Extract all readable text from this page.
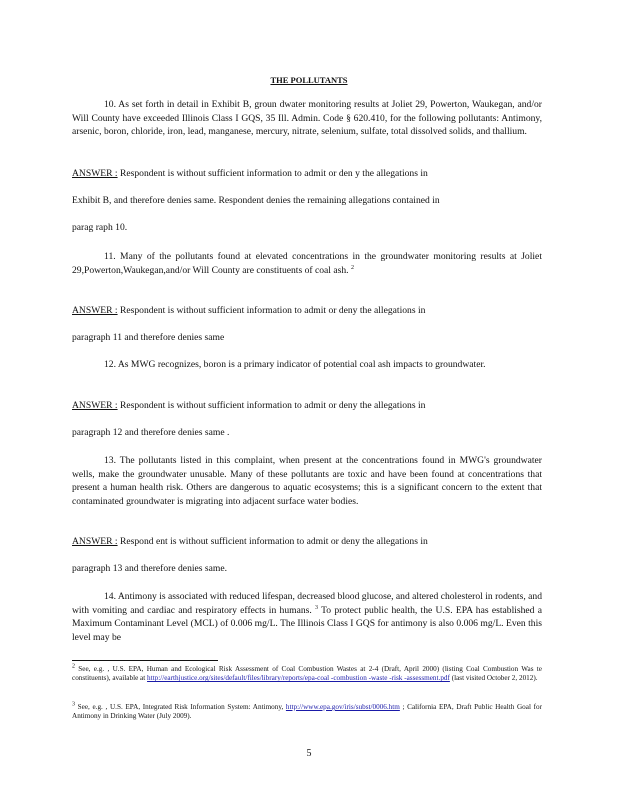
THE POLLUTANTS

10. As set forth in detail in Exhibit B, groun dwater monitoring results at Joliet 29, Powerton, Waukegan, and/or Will County have exceeded Illinois Class I GQS, 35 Ill. Admin. Code § 620.410, for the following pollutants: Antimony, arsenic, boron, chloride, iron, lead, manganese, mercury, nitrate, selenium, sulfate, total dissolved solids, and thallium.

ANSWER : Respondent is without sufficient information to admit or den y the allegations in

Exhibit B, and therefore denies same. Respondent denies the remaining allegations contained in

parag raph 10.

11. Many of the pollutants found at elevated concentrations in the groundwater monitoring results at Joliet 29,Powerton,Waukegan,and/or Will County are constituents of coal ash. $^2$

ANSWER : Respondent is without sufficient information to admit or deny the allegations in

paragraph 11 and therefore denies same

12. As MWG recognizes, boron is a primary indicator of potential coal ash impacts to groundwater.

ANSWER : Respondent is without sufficient information to admit or deny the allegations in

paragraph 12 and therefore denies same .

13. The pollutants listed in this complaint, when present at the concentrations found in MWG's groundwater wells, make the groundwater unusable. Many of these pollutants are toxic and have been found at concentrations that present a human health risk. Others are dangerous to aquatic ecosystems; this is a significant concern to the extent that contaminated groundwater is migrating into adjacent surface water bodies.

ANSWER : Respond ent is without sufficient information to admit or deny the allegations in

paragraph 13 and therefore denies same.

14. Antimony is associated with reduced lifespan, decreased blood glucose, and altered cholesterol in rodents, and with vomiting and cardiac and respiratory effects in humans. $^3$ To protect public health, the U.S. EPA has established a Maximum Contaminant Level (MCL) of 0.006 mg/L. The Illinois Class I GQS for antimony is also 0.006 mg/L. Even this level may be

$^2$ See, e.g. , U.S. EPA, Human and Ecological Risk Assessment of Coal Combustion Wastes at 2-4 (Draft, April 2000) (listing Coal Combustion Was te constituents), available at http://earthjustice.org/sites/default/files/library/reports/epa-coal -combustion -waste -risk -assessment.pdf (last visited October 2, 2012).

$^3$ See, e.g. , U.S. EPA, Integrated Risk Information System: Antimony, http://www.epa.gov/iris/subst/0006.htm ; California EPA, Draft Public Health Goal for Antimony in Drinking Water (July 2009).

5
